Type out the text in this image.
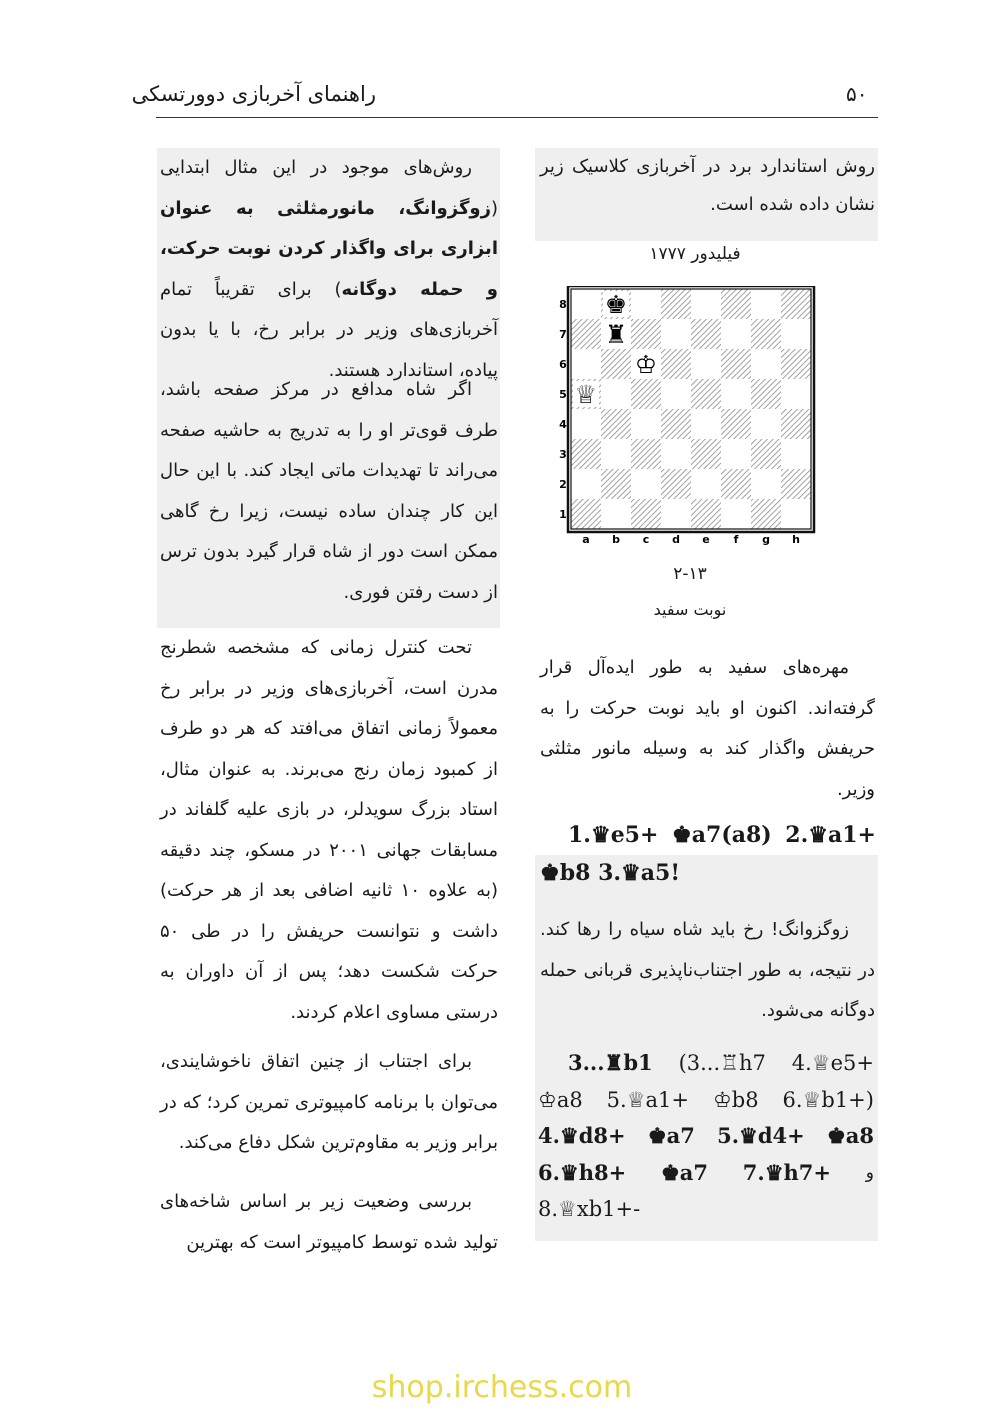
راهنمای آخربازی دوورتسکی	۵۰

روش استاندارد برد در آخربازی کلاسیک زیر نشان داده شده است.

فیلیدور ۱۷۷۷
8
7
6
5
4
3
2
1
a b c d e f g h
♚
♜
♔
♕
۲-۱۳
نوبت سفید

مهره‌های سفید به طور ایده‌آل قرار گرفته‌اند. اکنون او باید نوبت حرکت را به حریفش واگذار کند به وسیله مانور مثلثی وزیر.

1.♛e5+ ♚a7(a8) 2.♛a1+
♚b8 3.♛a5!

زوگزوانگ! رخ باید شاه سیاه را رها کند. در نتیجه، به طور اجتناب‌ناپذیری قربانی حمله دوگانه می‌شود.

3...♜b1 (3...♖h7 4.♕e5+
♔a8 5.♕a1+ ♔b8 6.♕b1+)
4.♛d8+ ♚a7 5.♛d4+ ♚a8
6.♛h8+ ♚a7 7.♛h7+ و
8.♕xb1+-

روش‌های موجود در این مثال ابتدایی (زوگزوانگ، مانورمثلثی به عنوان ابزاری برای واگذار کردن نوبت حرکت، و حمله دوگانه) برای تقریباً تمام آخربازی‌های وزیر در برابر رخ، با یا بدون پیاده، استاندارد هستند.

اگر شاه مدافع در مرکز صفحه باشد، طرف قوی‌تر او را به تدریج به حاشیه صفحه می‌راند تا تهدیدات ماتی ایجاد کند. با این حال این کار چندان ساده نیست، زیرا رخ گاهی ممکن است دور از شاه قرار گیرد بدون ترس از دست رفتن فوری.

تحت کنترل زمانی که مشخصه شطرنج مدرن است، آخربازی‌های وزیر در برابر رخ معمولاً زمانی اتفاق می‌افتد که هر دو طرف از کمبود زمان رنج می‌برند. به عنوان مثال، استاد بزرگ سویدلر، در بازی علیه گلفاند در مسابقات جهانی ۲۰۰۱ در مسکو، چند دقیقه (به علاوه ۱۰ ثانیه اضافی بعد از هر حرکت) داشت و نتوانست حریفش را در طی ۵۰ حرکت شکست دهد؛ پس از آن داوران به درستی مساوی اعلام کردند.

برای اجتناب از چنین اتفاق ناخوشایندی، می‌توان با برنامه کامپیوتری تمرین کرد؛ که در برابر وزیر به مقاوم‌ترین شکل دفاع می‌کند.

بررسی وضعیت زیر بر اساس شاخه‌های تولید شده توسط کامپیوتر است که بهترین

shop.irchess.com
